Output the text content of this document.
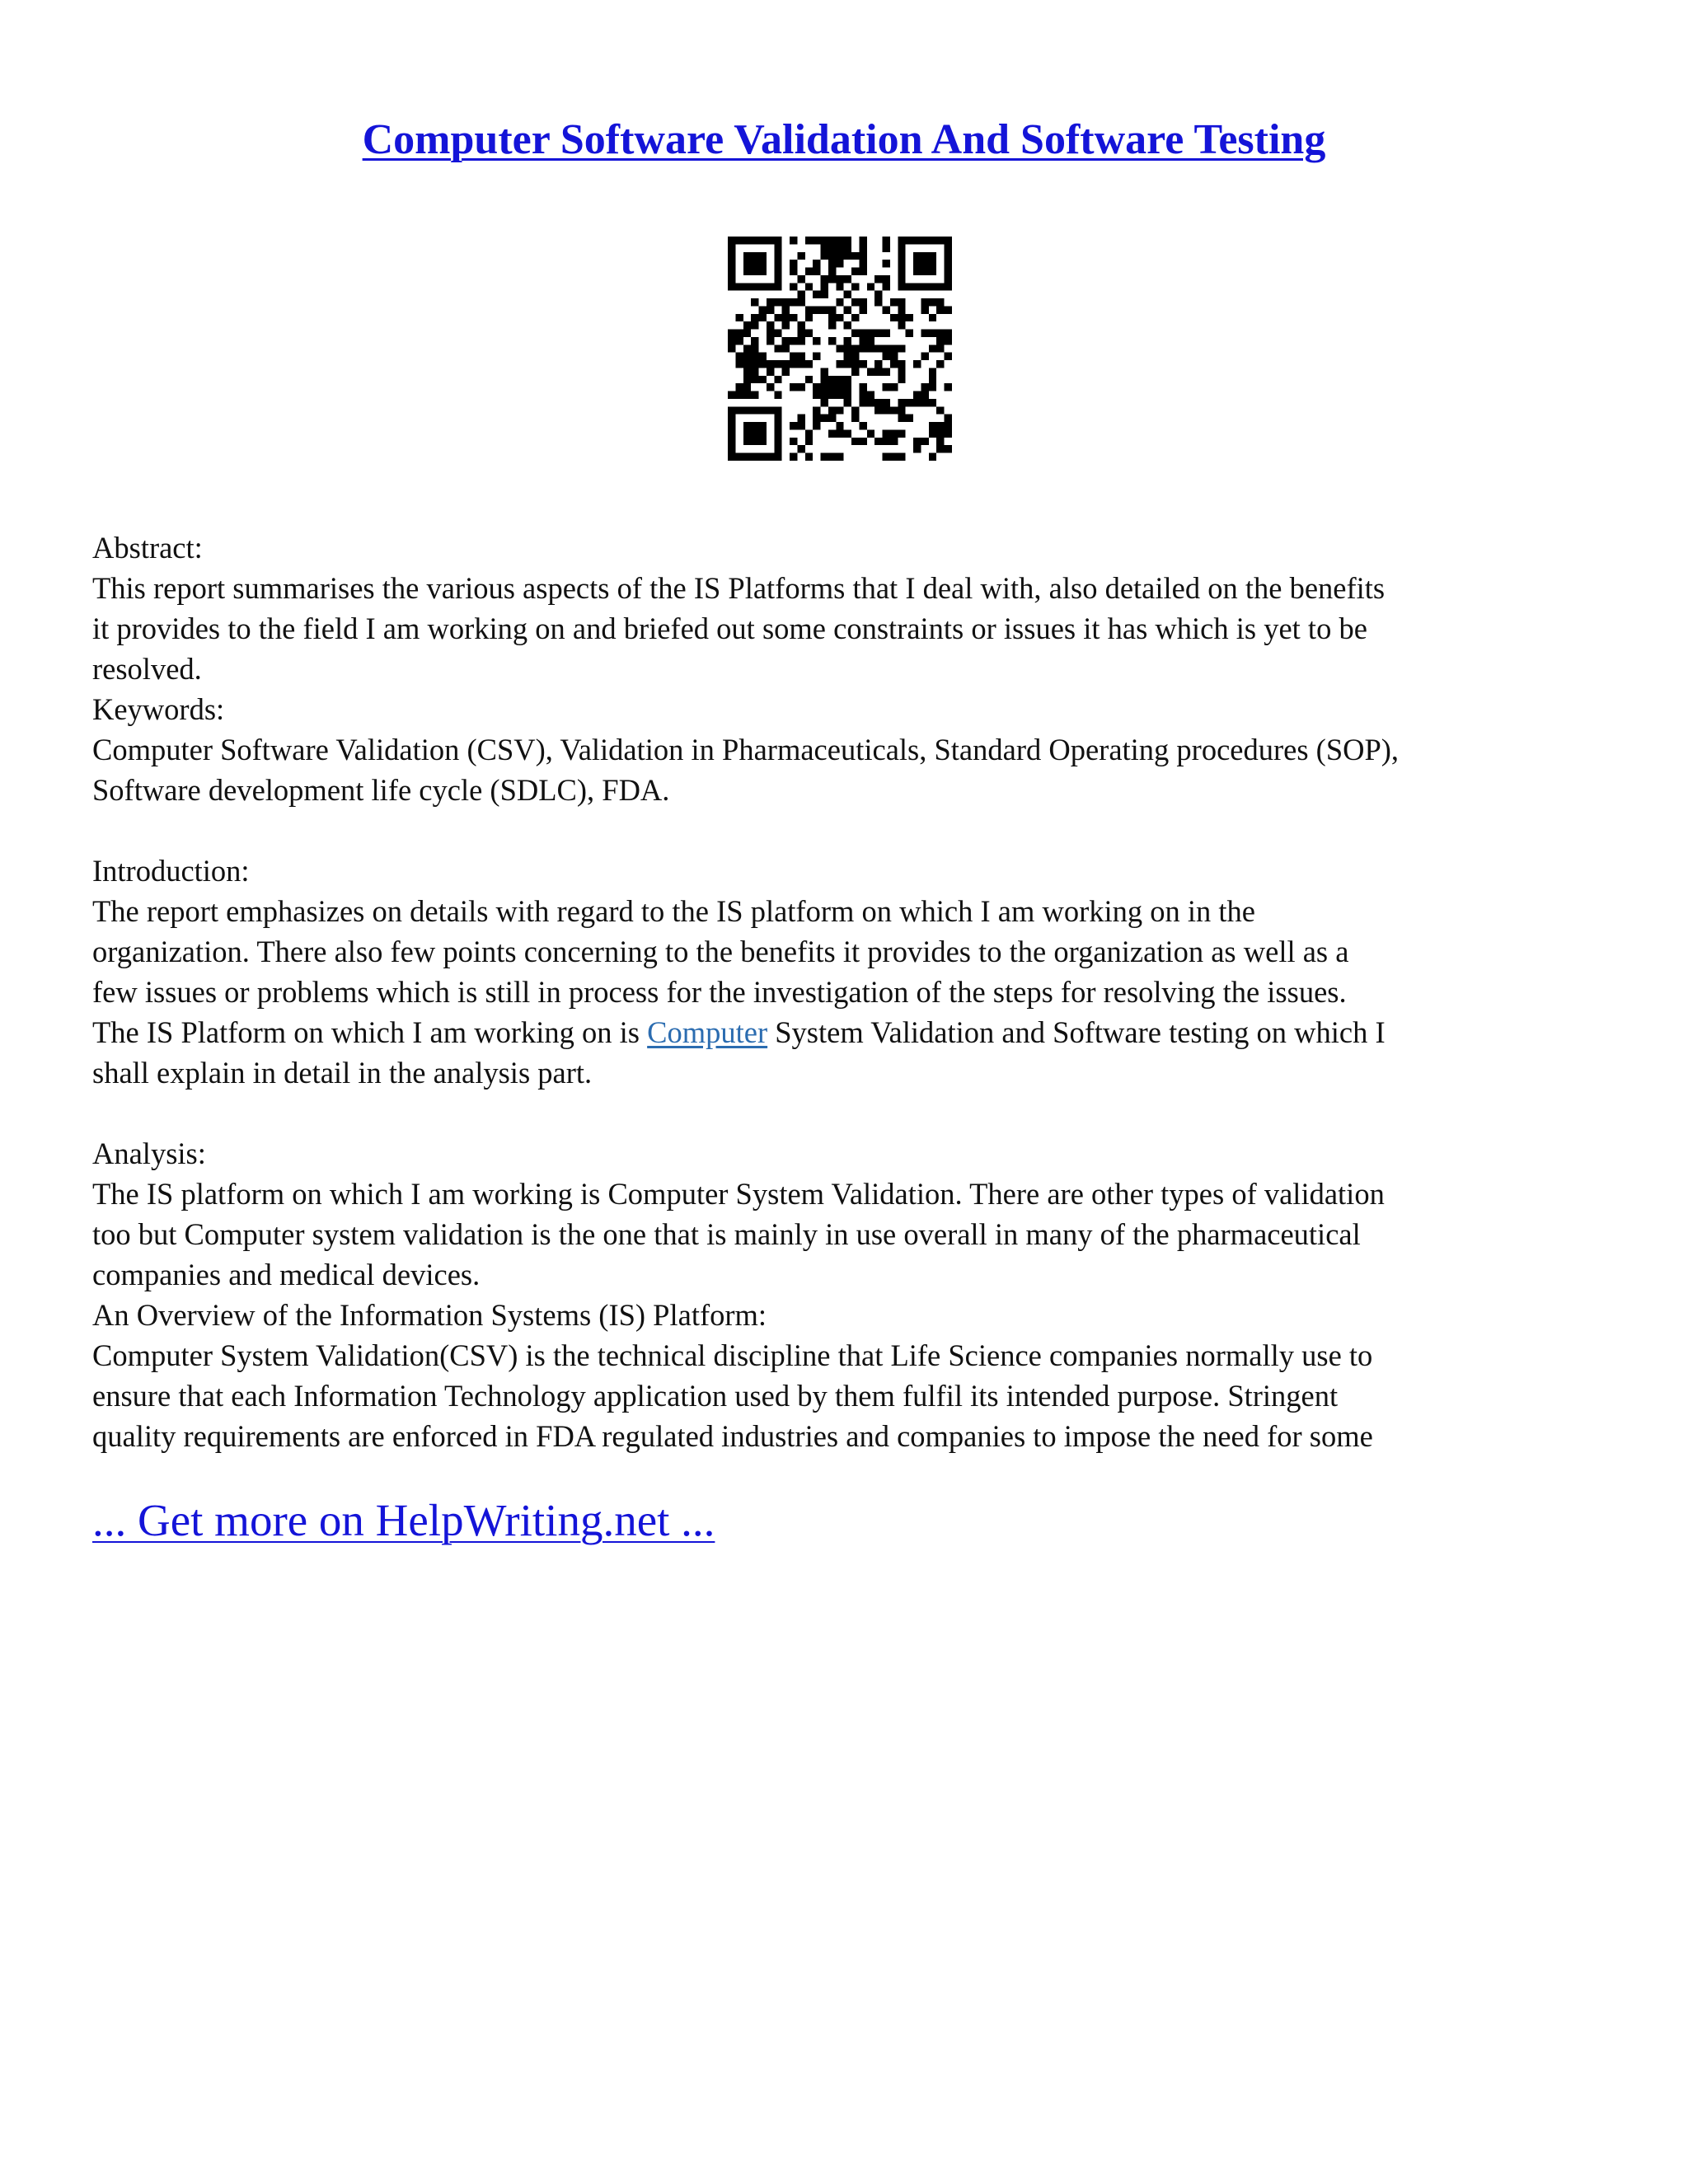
Computer Software Validation And Software Testing

Abstract:

This report summarises the various aspects of the IS Platforms that I deal with, also detailed on the benefits

it provides to the field I am working on and briefed out some constraints or issues it has which is yet to be

resolved.

Keywords:

Computer Software Validation (CSV), Validation in Pharmaceuticals, Standard Operating procedures (SOP),

Software development life cycle (SDLC), FDA.

Introduction:

The report emphasizes on details with regard to the IS platform on which I am working on in the

organization. There also few points concerning to the benefits it provides to the organization as well as a

few issues or problems which is still in process for the investigation of the steps for resolving the issues.

The IS Platform on which I am working on is Computer System Validation and Software testing on which I

shall explain in detail in the analysis part.

Analysis:

The IS platform on which I am working is Computer System Validation. There are other types of validation

too but Computer system validation is the one that is mainly in use overall in many of the pharmaceutical

companies and medical devices.

An Overview of the Information Systems (IS) Platform:

Computer System Validation(CSV) is the technical discipline that Life Science companies normally use to

ensure that each Information Technology application used by them fulfil its intended purpose. Stringent

quality requirements are enforced in FDA regulated industries and companies to impose the need for some

... Get more on HelpWriting.net ...
